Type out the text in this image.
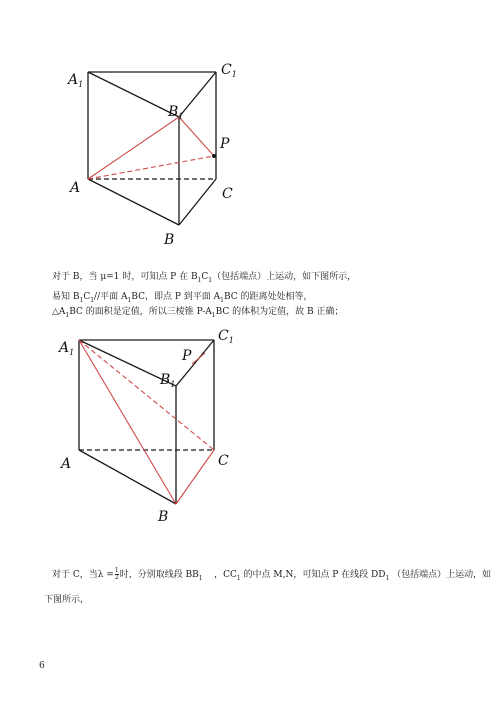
$A_1$
$C_1$
$B_1$
P
A	C
B
对于 B，当 μ=1 时，可知点 P 在 $B_1C_1$（包括端点）上运动，如下图所示，
易知 $B_1C_1//$平面 $A_1BC$，即点 P 到平面 $A_1BC$ 的距离处处相等，
$\triangle A_1BC$ 的面积是定值，所以三棱锥 $P-A_1BC$ 的体积为定值，故 B 正确；
$A_1$
$C_1$
P
$B_1$
A	C
B
对于 C，当$\lambda = \frac{1}{2}$ 时，分别取线段 $BB_1$ ，$CC_1$ 的中点 M,N，可知点 P 在线段 $DD_1$ （包括端点）上运动，如
下图所示，
6
